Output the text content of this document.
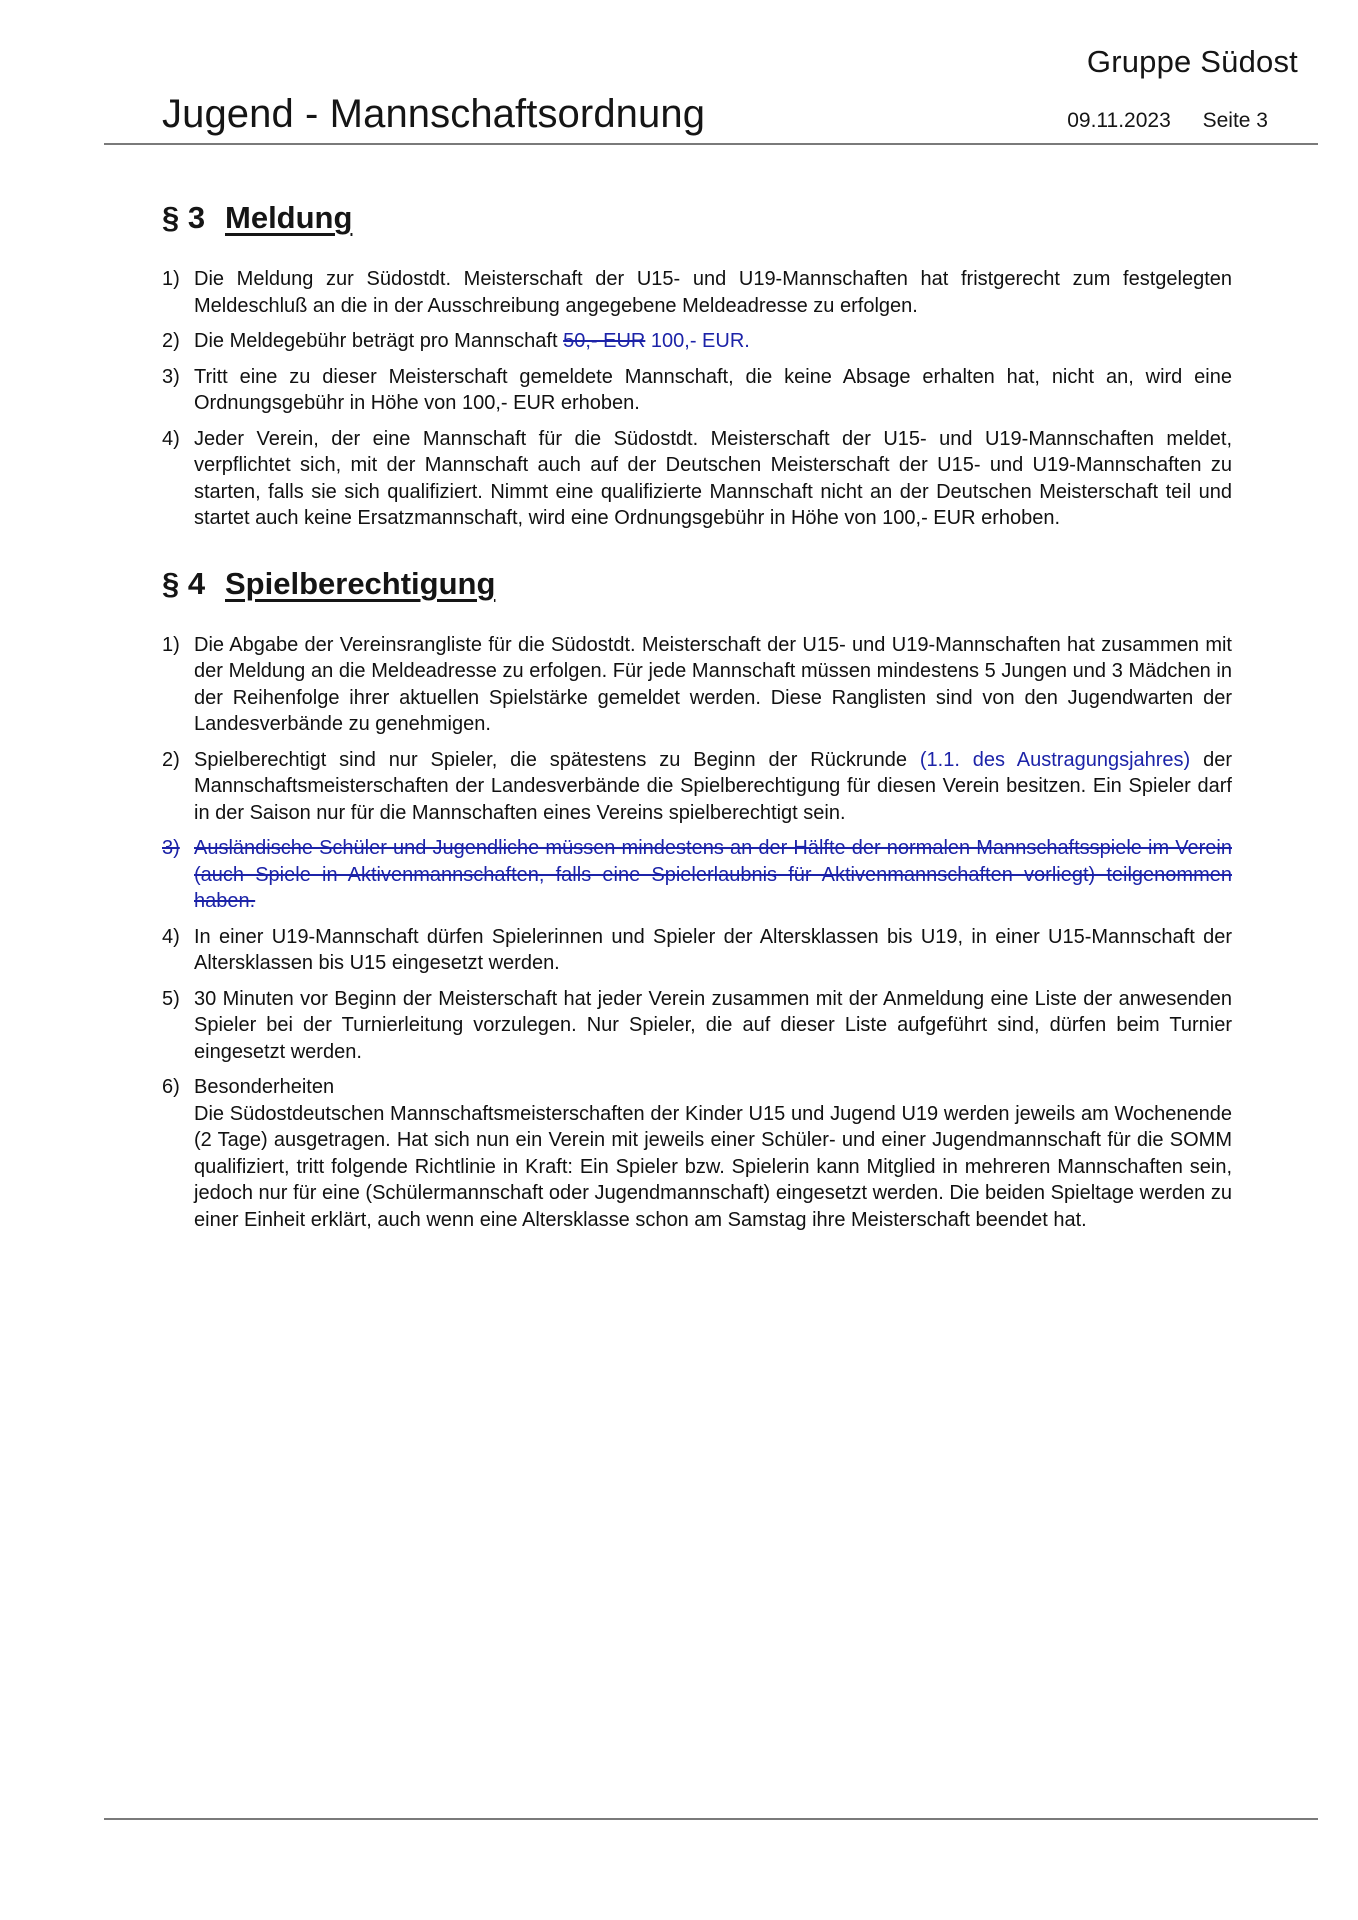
Gruppe Südost
Jugend - Mannschaftsordnung	09.11.2023 Seite 3
§ 3 Meldung
1) Die Meldung zur Südostdt. Meisterschaft der U15- und U19-Mannschaften hat fristgerecht zum festgelegten Meldeschluß an die in der Ausschreibung angegebene Meldeadresse zu erfolgen.
2) Die Meldegebühr beträgt pro Mannschaft 50,- EUR 100,- EUR.
3) Tritt eine zu dieser Meisterschaft gemeldete Mannschaft, die keine Absage erhalten hat, nicht an, wird eine Ordnungsgebühr in Höhe von 100,- EUR erhoben.
4) Jeder Verein, der eine Mannschaft für die Südostdt. Meisterschaft der U15- und U19-Mannschaften meldet, verpflichtet sich, mit der Mannschaft auch auf der Deutschen Meisterschaft der U15- und U19-Mannschaften zu starten, falls sie sich qualifiziert. Nimmt eine qualifizierte Mannschaft nicht an der Deutschen Meisterschaft teil und startet auch keine Ersatzmannschaft, wird eine Ordnungsgebühr in Höhe von 100,- EUR erhoben.
§ 4 Spielberechtigung
1) Die Abgabe der Vereinsrangliste für die Südostdt. Meisterschaft der U15- und U19-Mannschaften hat zusammen mit der Meldung an die Meldeadresse zu erfolgen. Für jede Mannschaft müssen mindestens 5 Jungen und 3 Mädchen in der Reihenfolge ihrer aktuellen Spielstärke gemeldet werden. Diese Ranglisten sind von den Jugendwarten der Landesverbände zu genehmigen.
2) Spielberechtigt sind nur Spieler, die spätestens zu Beginn der Rückrunde (1.1. des Austragungsjahres) der Mannschaftsmeisterschaften der Landesverbände die Spielberechtigung für diesen Verein besitzen. Ein Spieler darf in der Saison nur für die Mannschaften eines Vereins spielberechtigt sein.
3) Ausländische Schüler und Jugendliche müssen mindestens an der Hälfte der normalen Mannschaftsspiele im Verein (auch Spiele in Aktivenmannschaften, falls eine Spielerlaubnis für Aktivenmannschaften vorliegt) teilgenommen haben.
4) In einer U19-Mannschaft dürfen Spielerinnen und Spieler der Altersklassen bis U19, in einer U15-Mannschaft der Altersklassen bis U15 eingesetzt werden.
5) 30 Minuten vor Beginn der Meisterschaft hat jeder Verein zusammen mit der Anmeldung eine Liste der anwesenden Spieler bei der Turnierleitung vorzulegen. Nur Spieler, die auf dieser Liste aufgeführt sind, dürfen beim Turnier eingesetzt werden.
6) Besonderheiten
Die Südostdeutschen Mannschaftsmeisterschaften der Kinder U15 und Jugend U19 werden jeweils am Wochenende (2 Tage) ausgetragen. Hat sich nun ein Verein mit jeweils einer Schüler- und einer Jugendmannschaft für die SOMM qualifiziert, tritt folgende Richtlinie in Kraft: Ein Spieler bzw. Spielerin kann Mitglied in mehreren Mannschaften sein, jedoch nur für eine (Schülermannschaft oder Jugendmannschaft) eingesetzt werden. Die beiden Spieltage werden zu einer Einheit erklärt, auch wenn eine Altersklasse schon am Samstag ihre Meisterschaft beendet hat.
